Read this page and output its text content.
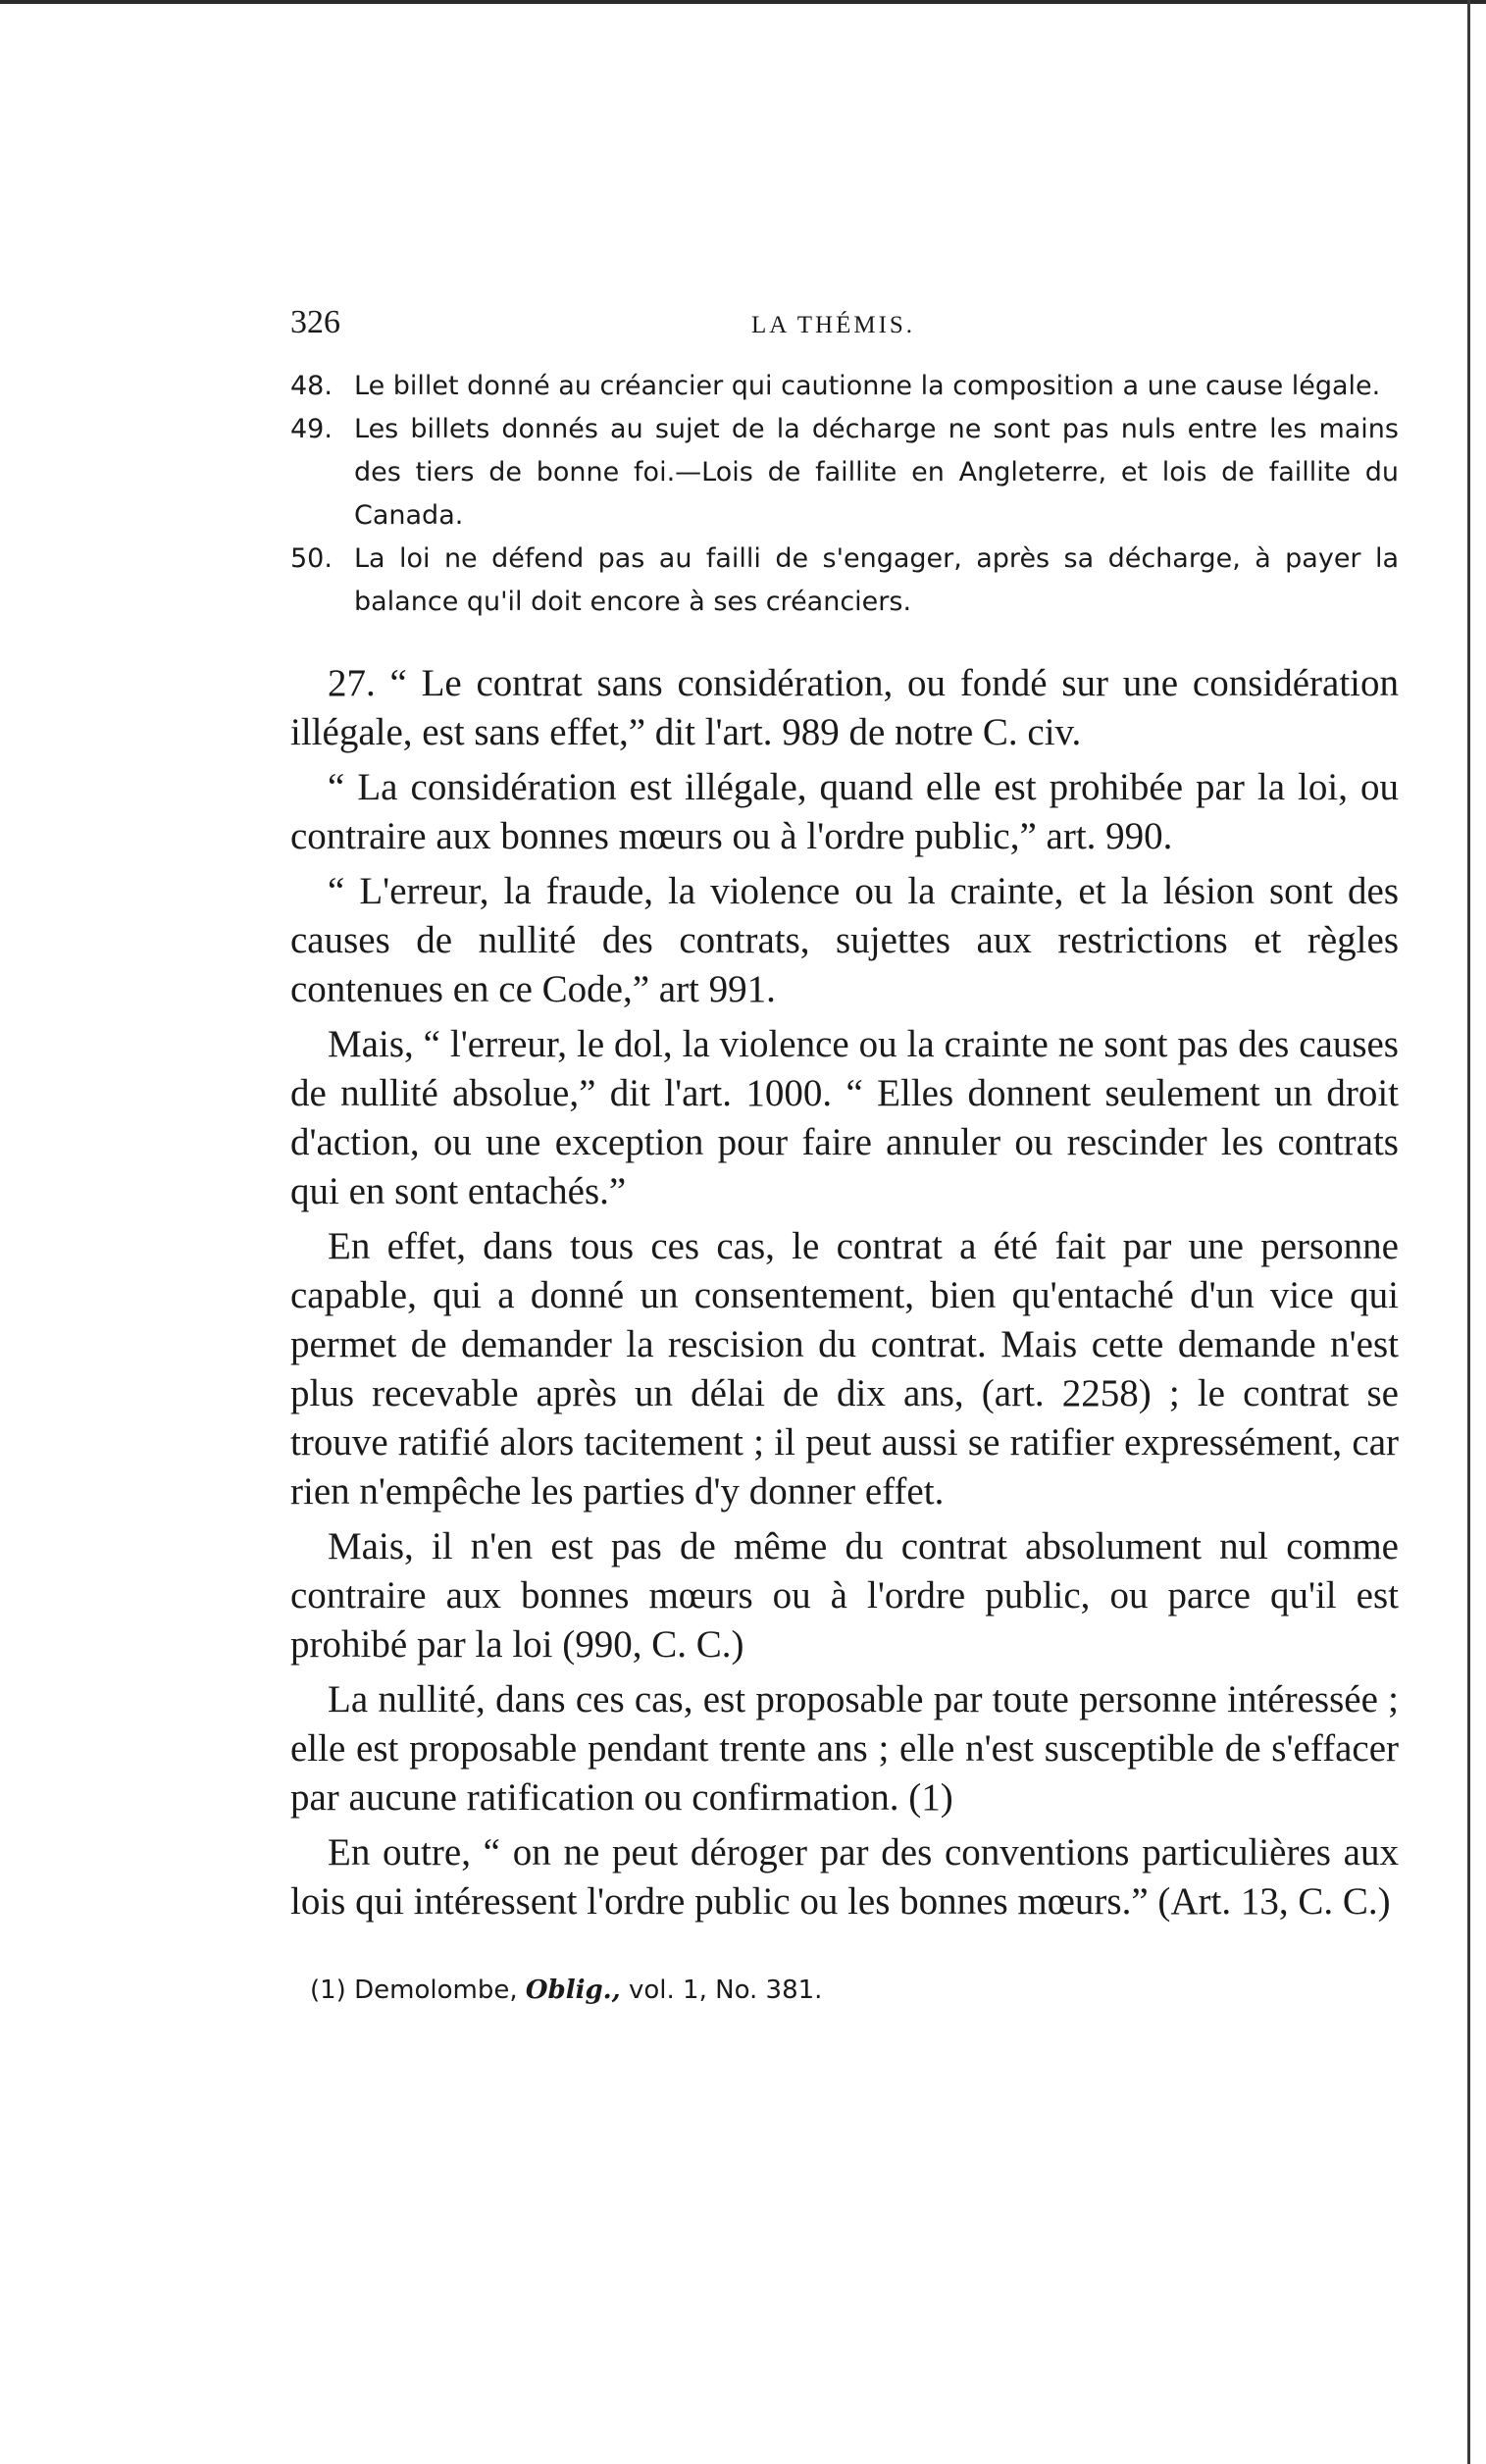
326	LA THÉMIS.
48. Le billet donné au créancier qui cautionne la composition a une cause légale.
49. Les billets donnés au sujet de la décharge ne sont pas nuls entre les mains des tiers de bonne foi.—Lois de faillite en Angleterre, et lois de faillite du Canada.
50. La loi ne défend pas au failli de s'engager, après sa décharge, à payer la balance qu'il doit encore à ses créanciers.

27. “ Le contrat sans considération, ou fondé sur une considération illégale, est sans effet,” dit l'art. 989 de notre C. civ.

“ La considération est illégale, quand elle est prohibée par la loi, ou contraire aux bonnes mœurs ou à l'ordre public,” art. 990.

“ L'erreur, la fraude, la violence ou la crainte, et la lésion sont des causes de nullité des contrats, sujettes aux restrictions et règles contenues en ce Code,” art 991.

Mais, “ l'erreur, le dol, la violence ou la crainte ne sont pas des causes de nullité absolue,” dit l'art. 1000. “ Elles donnent seulement un droit d'action, ou une exception pour faire annuler ou rescinder les contrats qui en sont entachés.”

En effet, dans tous ces cas, le contrat a été fait par une personne capable, qui a donné un consentement, bien qu'entaché d'un vice qui permet de demander la rescision du contrat. Mais cette demande n'est plus recevable après un délai de dix ans, (art. 2258) ; le contrat se trouve ratifié alors tacitement ; il peut aussi se ratifier expressément, car rien n'empêche les parties d'y donner effet.

Mais, il n'en est pas de même du contrat absolument nul comme contraire aux bonnes mœurs ou à l'ordre public, ou parce qu'il est prohibé par la loi (990, C. C.)

La nullité, dans ces cas, est proposable par toute personne intéressée ; elle est proposable pendant trente ans ; elle n'est susceptible de s'effacer par aucune ratification ou confirmation. (1)

En outre, “ on ne peut déroger par des conventions particulières aux lois qui intéressent l'ordre public ou les bonnes mœurs.” (Art. 13, C. C.)

(1) Demolombe, Oblig., vol. 1, No. 381.
